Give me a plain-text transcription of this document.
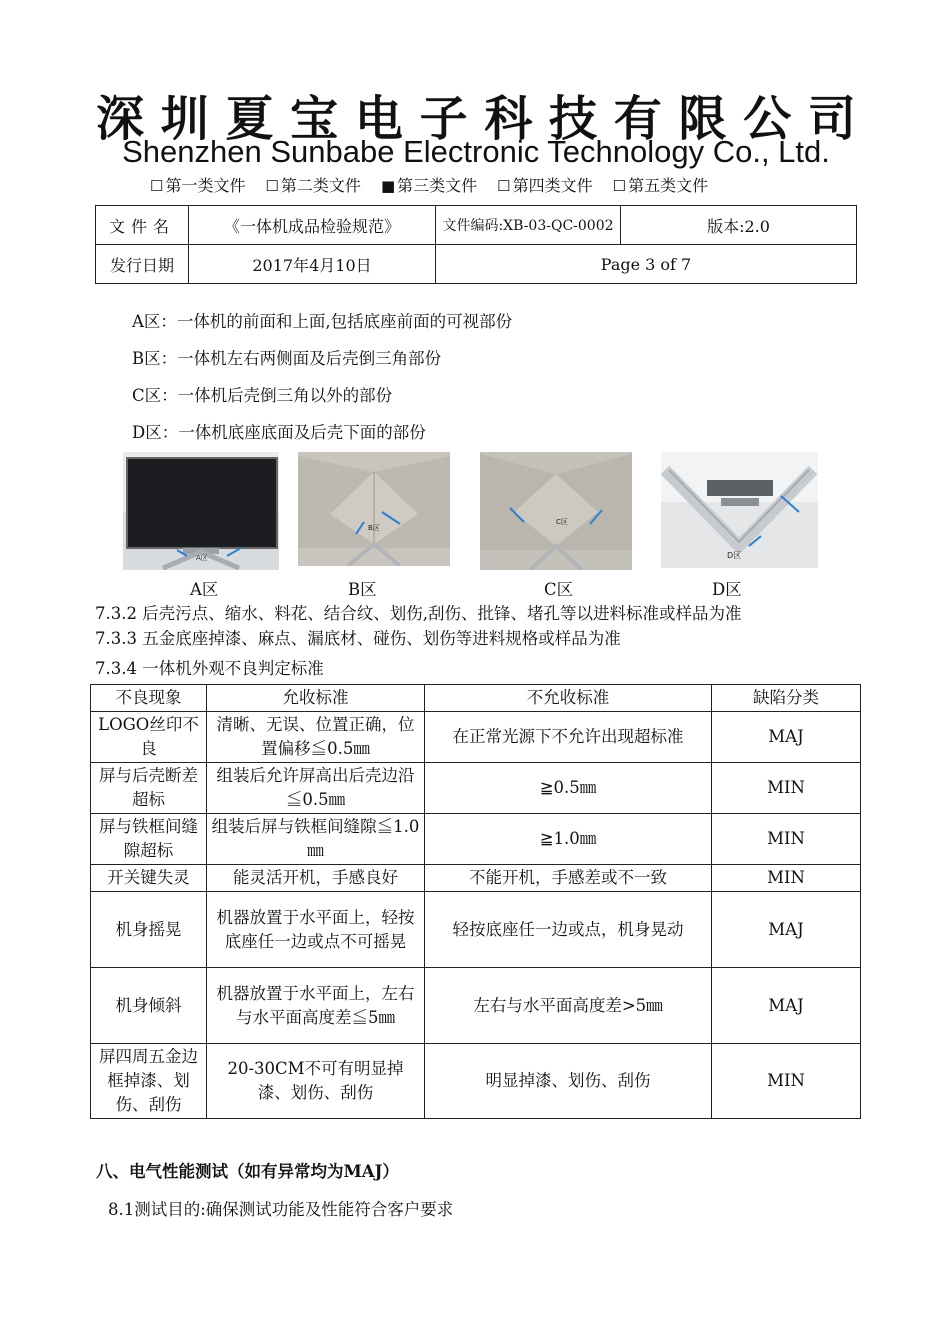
深 圳 夏 宝 电 子 科 技 有 限 公 司
Shenzhen Sunbabe Electronic Technology Co., Ltd.
☐ 第一类文件 ☐ 第二类文件 ■ 第三类文件 ☐ 第四类文件 ☐ 第五类文件
文件名	《一体机成品检验规范》	文件编码:XB-03-QC-0002	版本:2.0
发行日期	2017年4月10日	Page 3 of 7	
A区：一体机的前面和上面,包括底座前面的可视部份
B区：一体机左右两侧面及后壳倒三角部份
C区：一体机后壳倒三角以外的部份
D区：一体机底座底面及后壳下面的部份
A区
B区
C区
D区
A区	B区	C区	D区
7.3.2 后壳污点、缩水、料花、结合纹、划伤,刮伤、批锋、堵孔等以进料标准或样品为准
7.3.3 五金底座掉漆、麻点、漏底材、碰伤、划伤等进料规格或样品为准
7.3.4 一体机外观不良判定标准
不良现象	允收标准	不允收标准	缺陷分类
LOGO丝印不良	清晰、无误、位置正确，位置偏移≦0.5㎜	在正常光源下不允许出现超标准	MAJ
屏与后壳断差超标	组装后允许屏高出后壳边沿≦0.5㎜	≧0.5㎜	MIN
屏与铁框间缝隙超标	组装后屏与铁框间缝隙≦1.0㎜	≧1.0㎜	MIN
开关键失灵	能灵活开机，手感良好	不能开机，手感差或不一致	MIN
机身摇晃	机器放置于水平面上，轻按底座任一边或点不可摇晃	轻按底座任一边或点，机身晃动	MAJ
机身倾斜	机器放置于水平面上，左右与水平面高度差≦5㎜	左右与水平面高度差>5㎜	MAJ
屏四周五金边框掉漆、划伤、刮伤	20-30CM不可有明显掉漆、划伤、刮伤	明显掉漆、划伤、刮伤	MIN
八、电气性能测试（如有异常均为MAJ）
8.1测试目的:确保测试功能及性能符合客户要求
